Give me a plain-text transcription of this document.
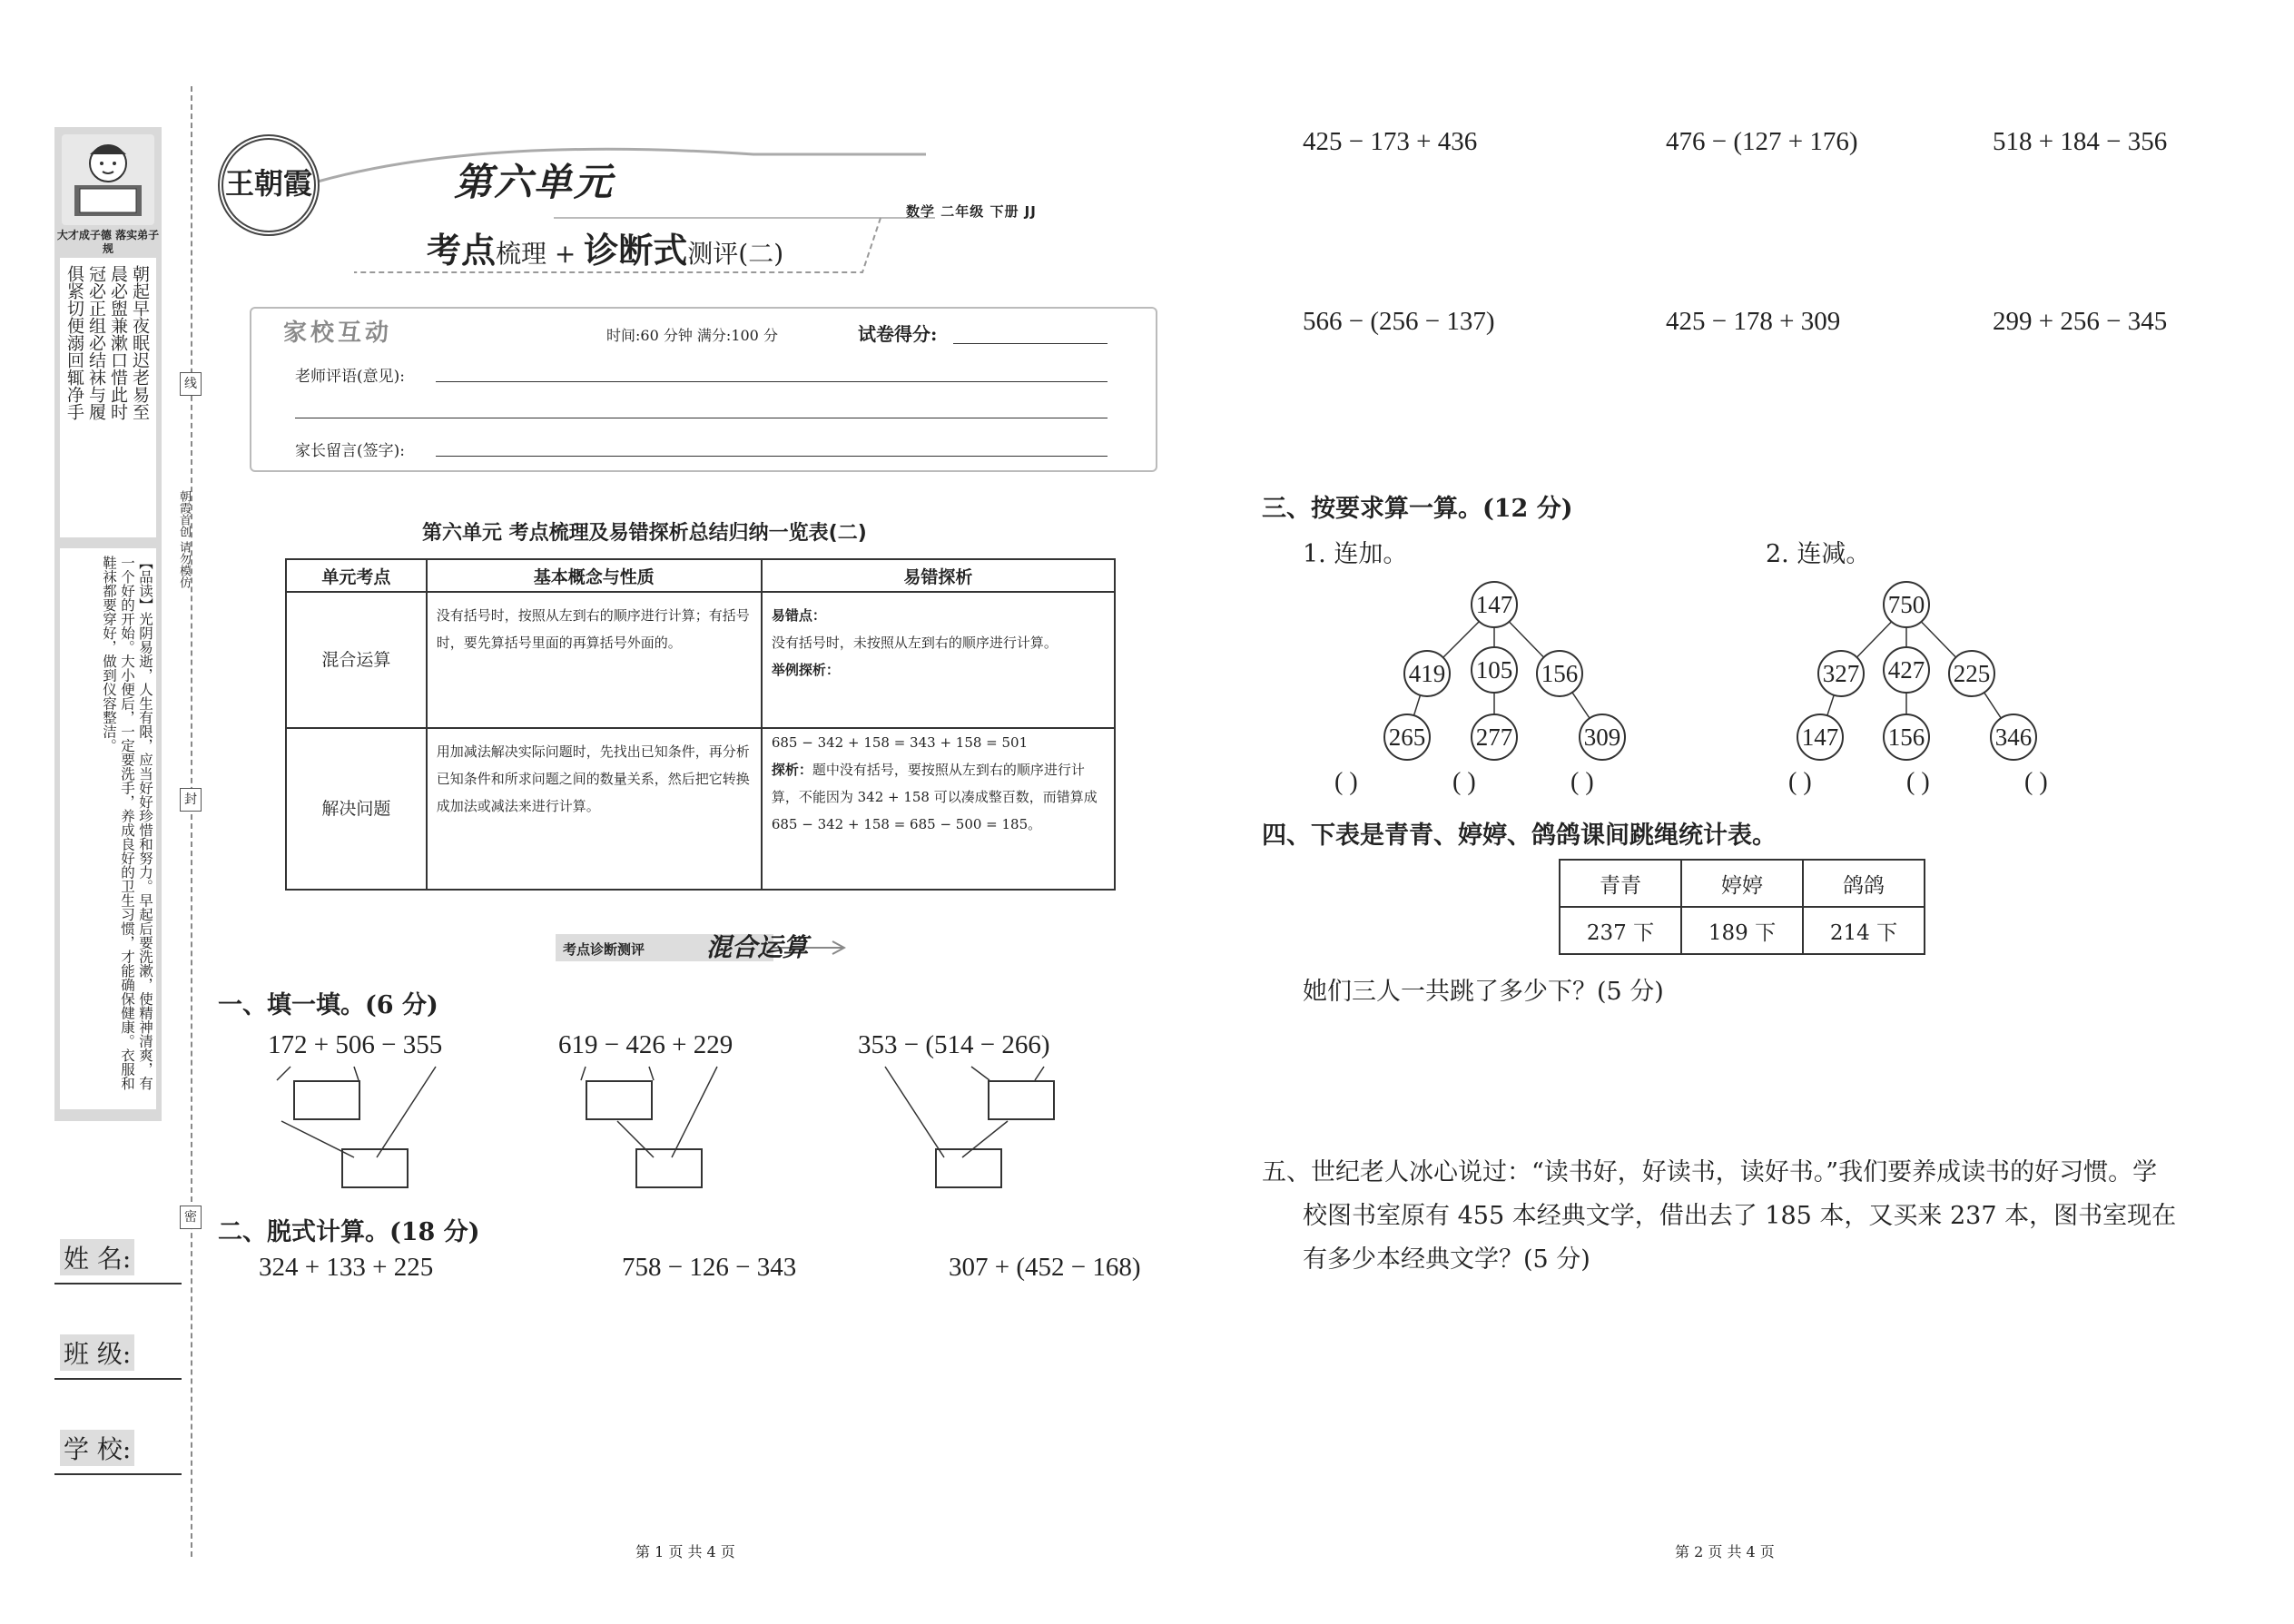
大才成子德 落实弟子规
朝起早夜眠迟老易至
晨必盥兼漱口惜此时
冠必正组必结袜与履
俱紧切便溺回辄净手
【品读】光阴易逝，人生有限，应当好好珍惜和努力。早起后要洗漱，使精神清爽，有一个好的开始。大小便后，一定要洗手，养成良好的卫生习惯，才能确保健康。衣服和鞋袜都要穿好，做到仪容整洁。
线
封
密
朝霞首创 请勿模仿
姓 名:
班 级:
学 校:
王朝霞	第六单元
考点梳理 + 诊断式测评(二)
数学 二年级 下册 JJ
家校互动	时间:60 分钟 满分:100 分	试卷得分:
老师评语(意见):
家长留言(签字):
第六单元 考点梳理及易错探析总结归纳一览表(二)
单元考点	基本概念与性质	易错探析
混合运算	没有括号时，按照从左到右的顺序进行计算；有括号时，要先算括号里面的再算括号外面的。	易错点：
没有括号时，未按照从左到右的顺序进行计算。
举例探析：

解决问题	用加减法解决实际问题时，先找出已知条件，再分析已知条件和所求问题之间的数量关系，然后把它转换成加法或减法来进行计算。	685 − 342 + 158 = 343 + 158 = 501
探析：题中没有括号，要按照从左到右的顺序进行计算，不能因为 342 + 158 可以凑成整百数，而错算成 685 − 342 + 158 = 685 − 500 = 185。
考点诊断测评 混合运算
一、填一填。(6 分)
172 + 506 − 355	619 − 426 + 229	353 − (514 − 266)
二、脱式计算。(18 分)
324 + 133 + 225	758 − 126 − 343	307 + (452 − 168)
第 1 页 共 4 页
425 − 173 + 436	476 − (127 + 176)	518 + 184 − 356
566 − (256 − 137)	425 − 178 + 309	299 + 256 − 345
三、按要求算一算。(12 分)
1. 连加。	2. 连减。
147
419 105 156
265 277	309
750
327 427 225
147 156	346
( )	( )	( )	( )	( )	( )
四、下表是青青、婷婷、鸽鸽课间跳绳统计表。
青青	婷婷	鸽鸽
237 下	189 下	214 下
她们三人一共跳了多少下？(5 分)
五、世纪老人冰心说过：“读书好，好读书，读好书。”我们要养成读书的好习惯。学
校图书室原有 455 本经典文学，借出去了 185 本，又买来 237 本，图书室现在
有多少本经典文学？(5 分)
第 2 页 共 4 页
